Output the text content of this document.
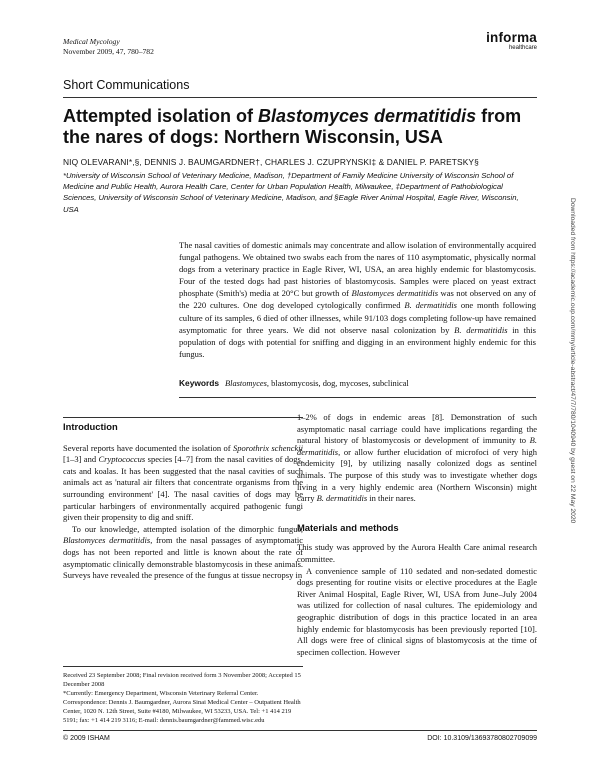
Medical Mycology
November 2009, 47, 780–782
informa
healthcare
Short Communications
Attempted isolation of Blastomyces dermatitidis from the nares of dogs: Northern Wisconsin, USA
NIQ OLEVARANI*,§, DENNIS J. BAUMGARDNER†, CHARLES J. CZUPRYNSKI‡ & DANIEL P. PARETSKY§
*University of Wisconsin School of Veterinary Medicine, Madison, †Department of Family Medicine University of Wisconsin School of Medicine and Public Health, Aurora Health Care, Center for Urban Population Health, Milwaukee, ‡Department of Pathobiological Sciences, University of Wisconsin School of Veterinary Medicine, Madison, and §Eagle River Animal Hospital, Eagle River, Wisconsin, USA

The nasal cavities of domestic animals may concentrate and allow isolation of environmentally acquired fungal pathogens. We obtained two swabs each from the nares of 110 asymptomatic, physically normal dogs from a veterinary practice in Eagle River, WI, USA, an area highly endemic for blastomycosis. Four of the tested dogs had past histories of blastomycosis. Samples were placed on yeast extract phosphate (Smith's) media at 20°C but growth of Blastomyces dermatitidis was not observed on any of the 220 cultures. One dog developed cytologically confirmed B. dermatitidis one month following culture of its samples, 6 died of other illnesses, while 91/103 dogs completing follow-up have remained asymptomatic for three years. We did not observe nasal colonization by B. dermatitidis in this population of dogs with potential for sniffing and digging in an environment highly endemic for this fungus.

Keywords Blastomyces, blastomycosis, dog, mycoses, subclinical
Introduction

Several reports have documented the isolation of Sporothrix schenckii [1–3] and Cryptococcus species [4–7] from the nasal cavities of dogs, cats and koalas. It has been suggested that the nasal cavities of such animals act as 'natural air filters that concentrate organisms from the surrounding environment' [4]. The nasal cavities of dogs may be particular harbingers of environmentally acquired pathogenic fungi given their propensity to dig and sniff.

To our knowledge, attempted isolation of the dimorphic fungus, Blastomyces dermatitidis, from the nasal passages of asymptomatic dogs has not been reported and little is known about the rate of asymptomatic clinically demonstrable blastomycosis in these animals. Surveys have revealed the presence of the fungus at tissue necropsy in

1–2% of dogs in endemic areas [8]. Demonstration of such asymptomatic nasal carriage could have implications regarding the natural history of blastomycosis or development of immunity to B. dermatitidis, or allow further elucidation of microfoci of very high endemicity [9], by utilizing nasally colonized dogs as sentinel animals. The purpose of this study was to investigate whether dogs living in a very highly endemic area (Northern Wisconsin) might carry B. dermatitidis in their nares.

Materials and methods

This study was approved by the Aurora Health Care animal research committee.

A convenience sample of 110 sedated and non-sedated domestic dogs presenting for routine visits or elective procedures at the Eagle River Animal Hospital, Eagle River, WI, USA from June–July 2004 was utilized for collection of nasal cultures. The epidemiology and geographic distribution of dogs in this practice located in an area highly endemic for blastomycosis has been previously reported [10]. All dogs were free of clinical signs of blastomycosis at the time of specimen collection. However

Received 23 September 2008; Final revision received form 3 November 2008; Accepted 15 December 2008

*Currently: Emergency Department, Wisconsin Veterinary Referral Center. Correspondence: Dennis J. Baumgardner, Aurora Sinai Medical Center – Outpatient Health Center, 1020 N. 12th Street, Suite #4180, Milwaukee, WI 53233, USA. Tel: +1 414 219 5191; fax: +1 414 219 3116; E-mail: dennis.baumgardner@fammed.wisc.edu

© 2009 ISHAM	DOI: 10.3109/13693780802709099
Downloaded from https://academic.oup.com/mmy/article-abstract/47/7/780/1040940 by guest on 22 May 2020
